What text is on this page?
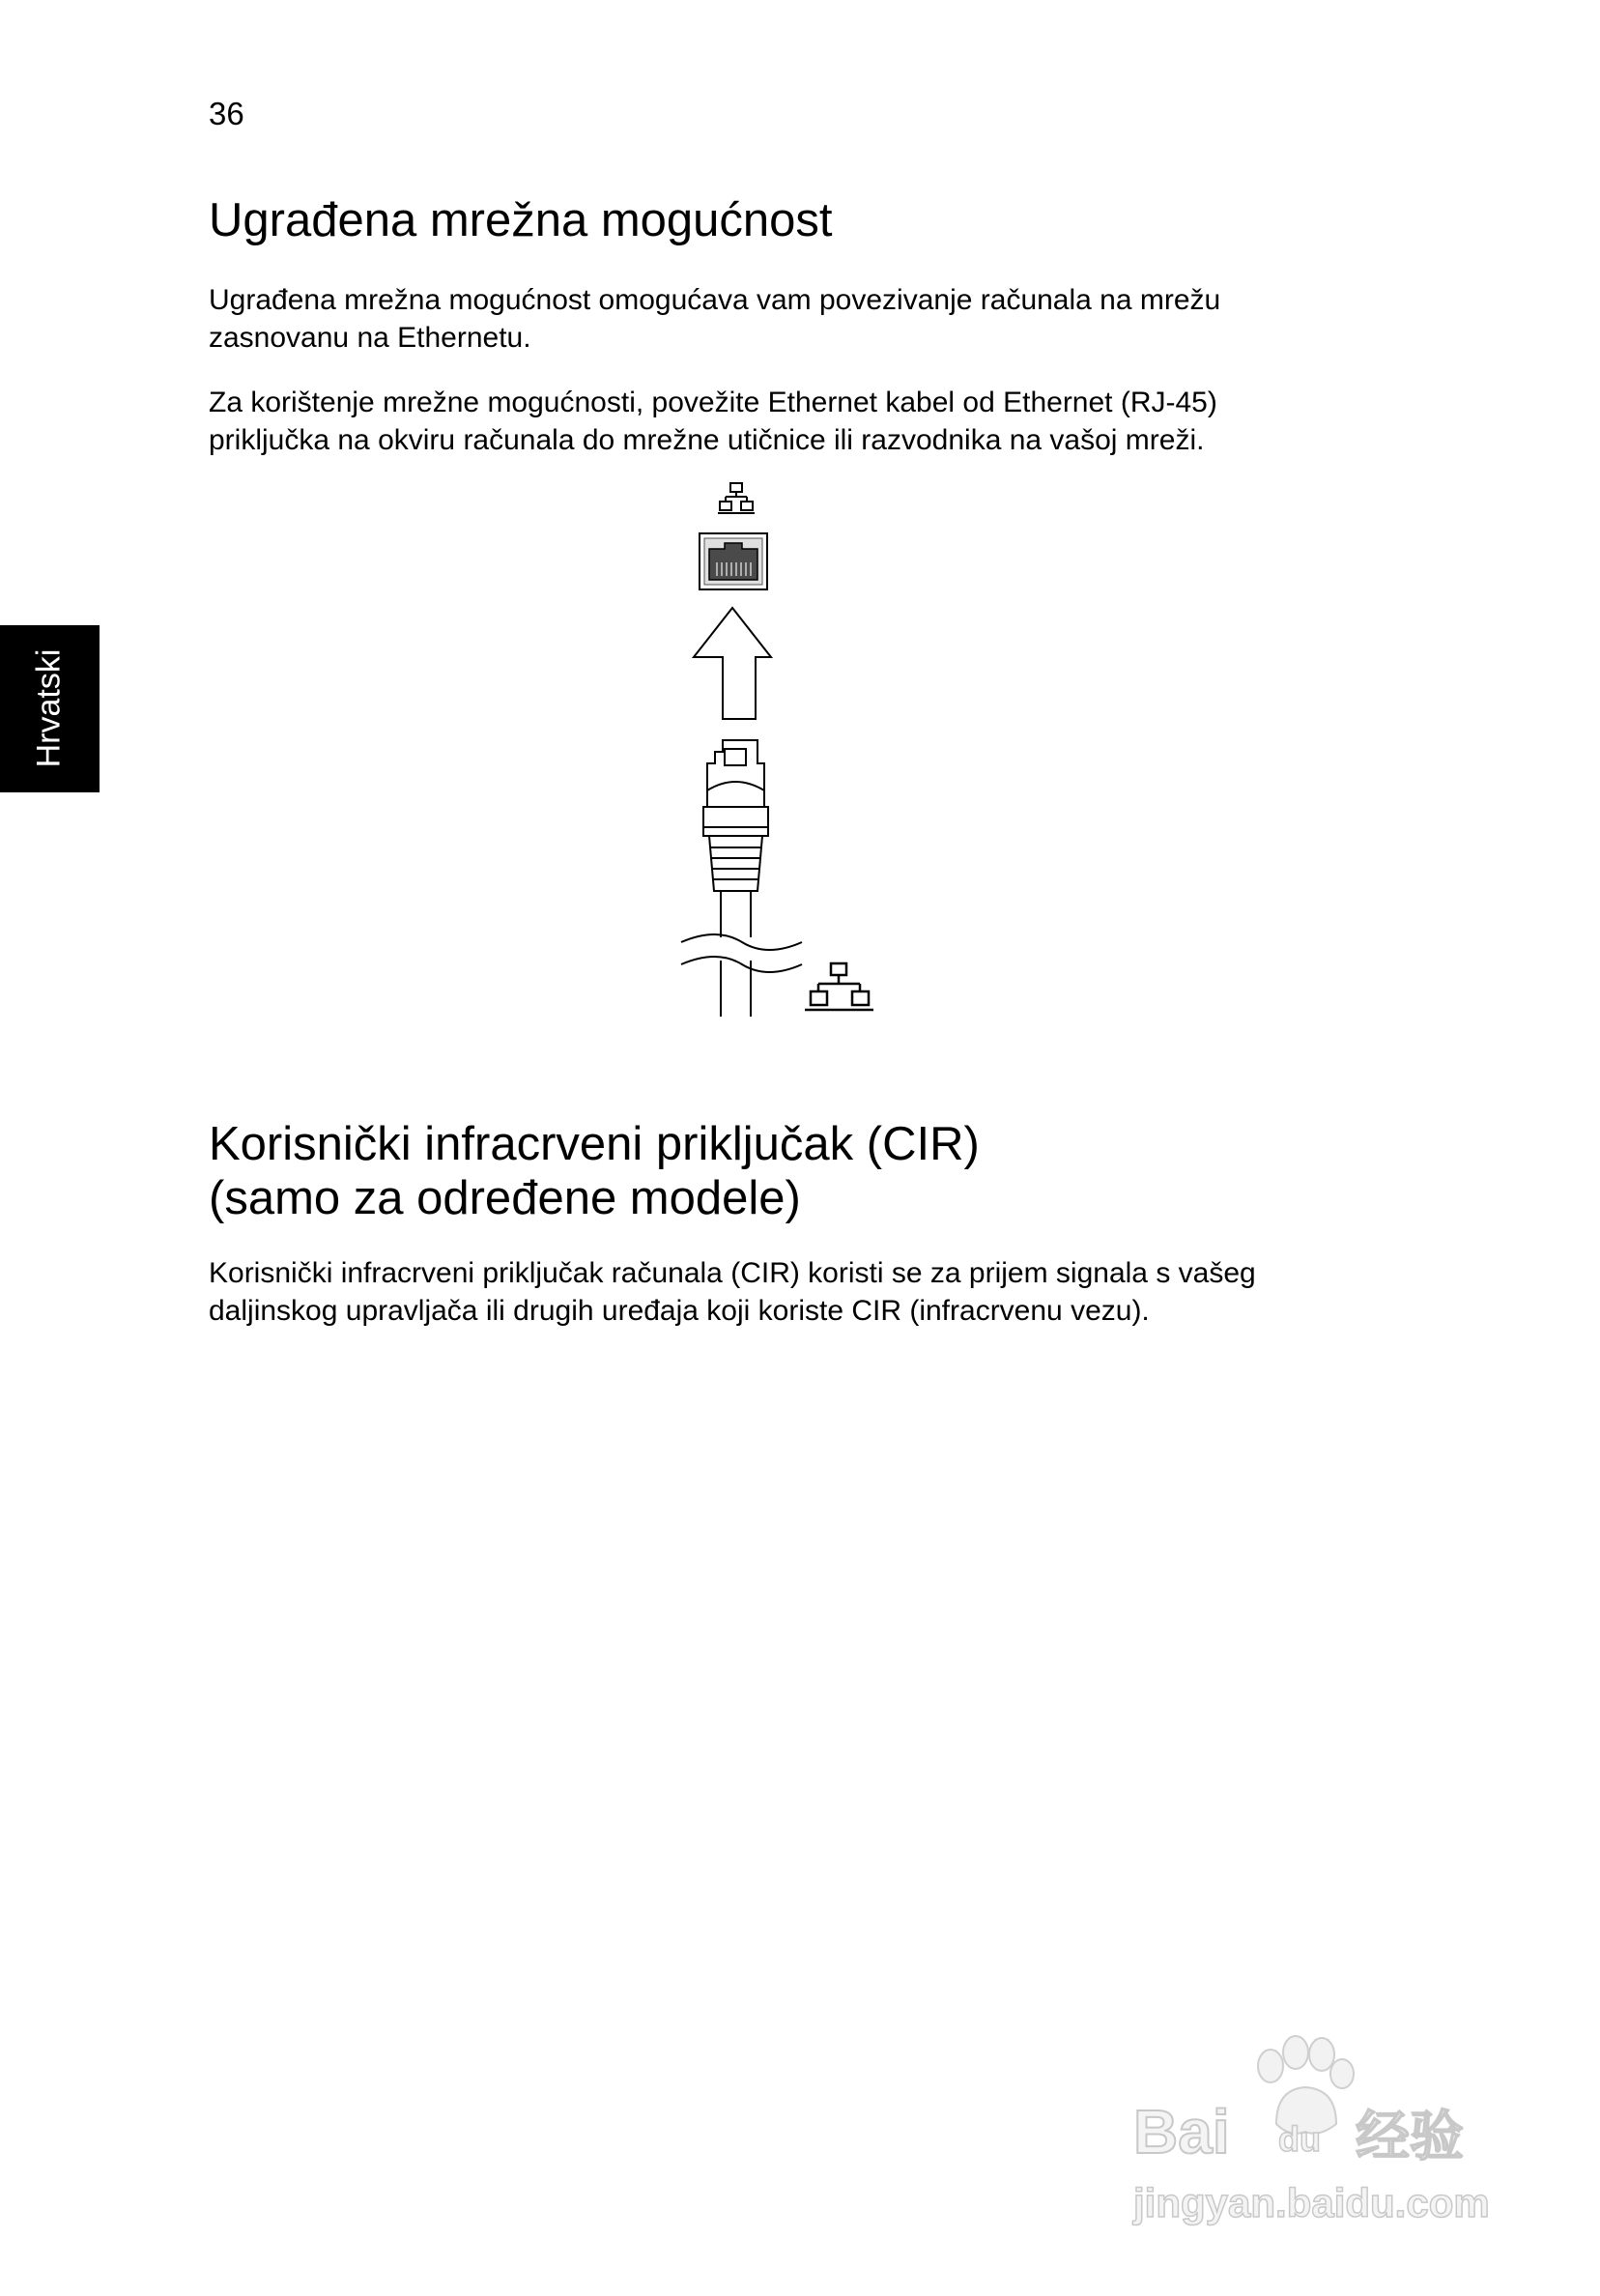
36
Hrvatski
Ugrađena mrežna mogućnost

Ugrađena mrežna mogućnost omogućava vam povezivanje računala na mrežu
zasnovanu na Ethernetu.

Za korištenje mrežne mogućnosti, povežite Ethernet kabel od Ethernet (RJ-45)
priključka na okviru računala do mrežne utičnice ili razvodnika na vašoj mreži.

Korisnički infracrveni priključak (CIR)
(samo za određene modele)

Korisnički infracrveni priključak računala (CIR) koristi se za prijem signala s vašeg
daljinskog upravljača ili drugih uređaja koji koriste CIR (infracrvenu vezu).

Bai du 经验
jingyan.baidu.com
